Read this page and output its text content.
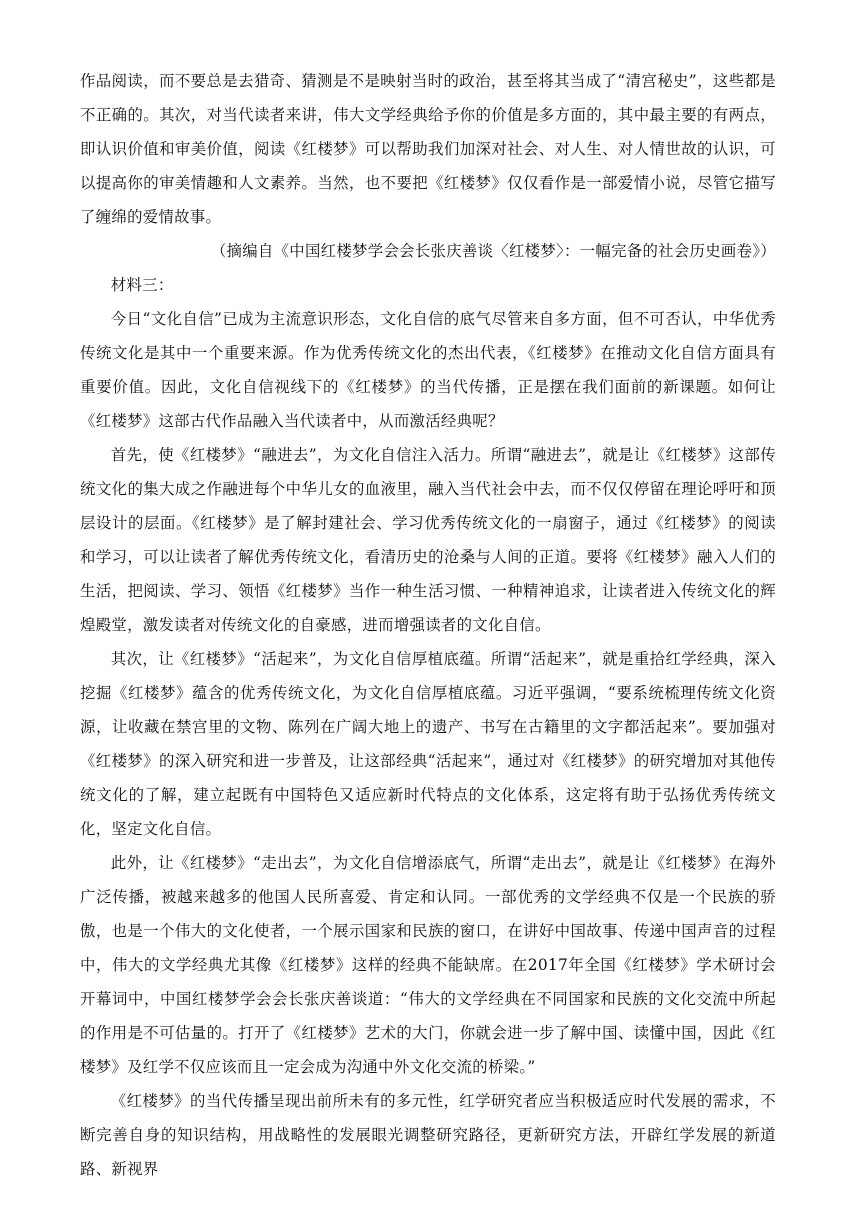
作品阅读，而不要总是去猎奇、猜测是不是映射当时的政治，甚至将其当成了“清宫秘史”，这些都是不正确的。其次，对当代读者来讲，伟大文学经典给予你的价值是多方面的，其中最主要的有两点，即认识价值和审美价值，阅读《红楼梦》可以帮助我们加深对社会、对人生、对人情世故的认识，可以提高你的审美情趣和人文素养。当然，也不要把《红楼梦》仅仅看作是一部爱情小说，尽管它描写了缠绵的爱情故事。

（摘编自《中国红楼梦学会会长张庆善谈〈红楼梦〉：一幅完备的社会历史画卷》）

材料三：

今日“文化自信”已成为主流意识形态，文化自信的底气尽管来自多方面，但不可否认，中华优秀传统文化是其中一个重要来源。作为优秀传统文化的杰出代表，《红楼梦》在推动文化自信方面具有重要价值。因此，文化自信视线下的《红楼梦》的当代传播，正是摆在我们面前的新课题。如何让《红楼梦》这部古代作品融入当代读者中，从而激活经典呢？

首先，使《红楼梦》“融进去”，为文化自信注入活力。所谓“融进去”，就是让《红楼梦》这部传统文化的集大成之作融进每个中华儿女的血液里，融入当代社会中去，而不仅仅停留在理论呼吁和顶层设计的层面。《红楼梦》是了解封建社会、学习优秀传统文化的一扇窗子，通过《红楼梦》的阅读和学习，可以让读者了解优秀传统文化，看清历史的沧桑与人间的正道。要将《红楼梦》融入人们的生活，把阅读、学习、领悟《红楼梦》当作一种生活习惯、一种精神追求，让读者进入传统文化的辉煌殿堂，激发读者对传统文化的自豪感，进而增强读者的文化自信。

其次，让《红楼梦》“活起来”，为文化自信厚植底蕴。所谓“活起来”，就是重拾红学经典，深入挖掘《红楼梦》蕴含的优秀传统文化，为文化自信厚植底蕴。习近平强调，“要系统梳理传统文化资源，让收藏在禁宫里的文物、陈列在广阔大地上的遗产、书写在古籍里的文字都活起来”。要加强对《红楼梦》的深入研究和进一步普及，让这部经典“活起来”，通过对《红楼梦》的研究增加对其他传统文化的了解，建立起既有中国特色又适应新时代特点的文化体系，这定将有助于弘扬优秀传统文化，坚定文化自信。

此外，让《红楼梦》“走出去”，为文化自信增添底气，所谓“走出去”，就是让《红楼梦》在海外广泛传播，被越来越多的他国人民所喜爱、肯定和认同。一部优秀的文学经典不仅是一个民族的骄傲，也是一个伟大的文化使者，一个展示国家和民族的窗口，在讲好中国故事、传递中国声音的过程中，伟大的文学经典尤其像《红楼梦》这样的经典不能缺席。在2017年全国《红楼梦》学术研讨会开幕词中，中国红楼梦学会会长张庆善谈道：“伟大的文学经典在不同国家和民族的文化交流中所起的作用是不可估量的。打开了《红楼梦》艺术的大门，你就会进一步了解中国、读懂中国，因此《红楼梦》及红学不仅应该而且一定会成为沟通中外文化交流的桥梁。”

《红楼梦》的当代传播呈现出前所未有的多元性，红学研究者应当积极适应时代发展的需求，不断完善自身的知识结构，用战略性的发展眼光调整研究路径，更新研究方法，开辟红学发展的新道路、新视界
